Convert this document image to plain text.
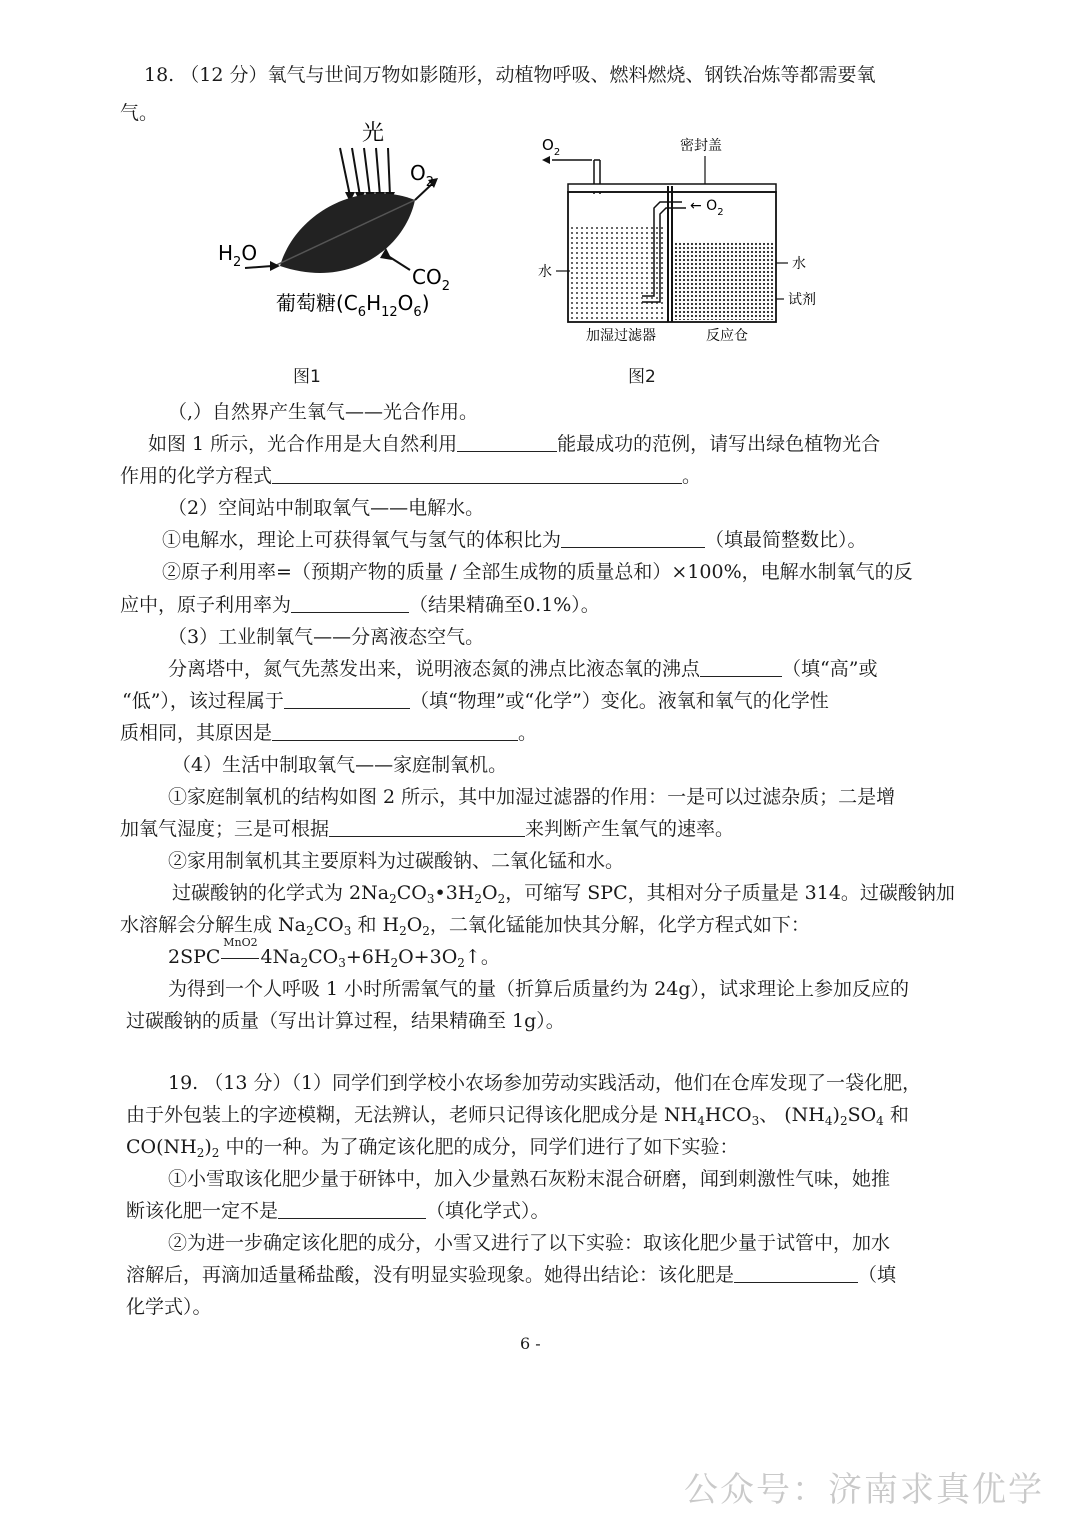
18. （12 分）氧气与世间万物如影随形，动植物呼吸、燃料燃烧、钢铁冶炼等都需要氧
气。
光
$O_2$
$H_2O$
$CO_2$
葡萄糖$(C_6H_{12}O_6)$
图1
$O_2$	密封盖
← $O_2$
水	水
试剂
加湿过滤器	反应仓
图2
（,）自然界产生氧气——光合作用。
如图 1 所示，光合作用是大自然利用	能最成功的范例，请写出绿色植物光合
作用的化学方程式	。
（2）空间站中制取氧气——电解水。
①电解水，理论上可获得氧气与氢气的体积比为	（填最简整数比）。
②原子利用率=（预期产物的质量 / 全部生成物的质量总和）×100%，电解水制氧气的反
应中，原子利用率为	（结果精确至0.1%）。
（3）工业制氧气——分离液态空气。
分离塔中，氮气先蒸发出来，说明液态氮的沸点比液态氧的沸点	（填“高”或
“低”），该过程属于	（填“物理”或“化学”）变化。液氧和氧气的化学性
质相同，其原因是	。
（4）生活中制取氧气——家庭制氧机。
①家庭制氧机的结构如图 2 所示，其中加湿过滤器的作用：一是可以过滤杂质；二是增
加氧气湿度；三是可根据	来判断产生氧气的速率。
②家用制氧机其主要原料为过碳酸钠、二氧化锰和水。
过碳酸钠的化学式为 $2Na_2CO_3•3H_2O_2$，可缩写 SPC，其相对分子质量是 314。过碳酸钠加
水溶解会分解生成 $Na_2CO_3$ 和 $H_2O_2$，二氧化锰能加快其分解，化学方程式如下：
2SPC
MnO2
$4Na_2CO_3+6H_2O+3O_2↑$。
为得到一个人呼吸 1 小时所需氧气的量（折算后质量约为 24g），试求理论上参加反应的
过碳酸钠的质量（写出计算过程，结果精确至 1g）。
19. （13 分）（1）同学们到学校小农场参加劳动实践活动，他们在仓库发现了一袋化肥，
由于外包装上的字迹模糊，无法辨认，老师只记得该化肥成分是 $NH_4HCO_3$、 $(NH_4)_2SO_4$ 和
$CO(NH_2)_2$ 中的一种。为了确定该化肥的成分，同学们进行了如下实验：
①小雪取该化肥少量于研钵中，加入少量熟石灰粉末混合研磨，闻到刺激性气味，她推
断该化肥一定不是	（填化学式）。
②为进一步确定该化肥的成分，小雪又进行了以下实验：取该化肥少量于试管中，加水
溶解后，再滴加适量稀盐酸，没有明显实验现象。她得出结论：该化肥是	（填
化学式）。
6 -
公众号：济南求真优学
